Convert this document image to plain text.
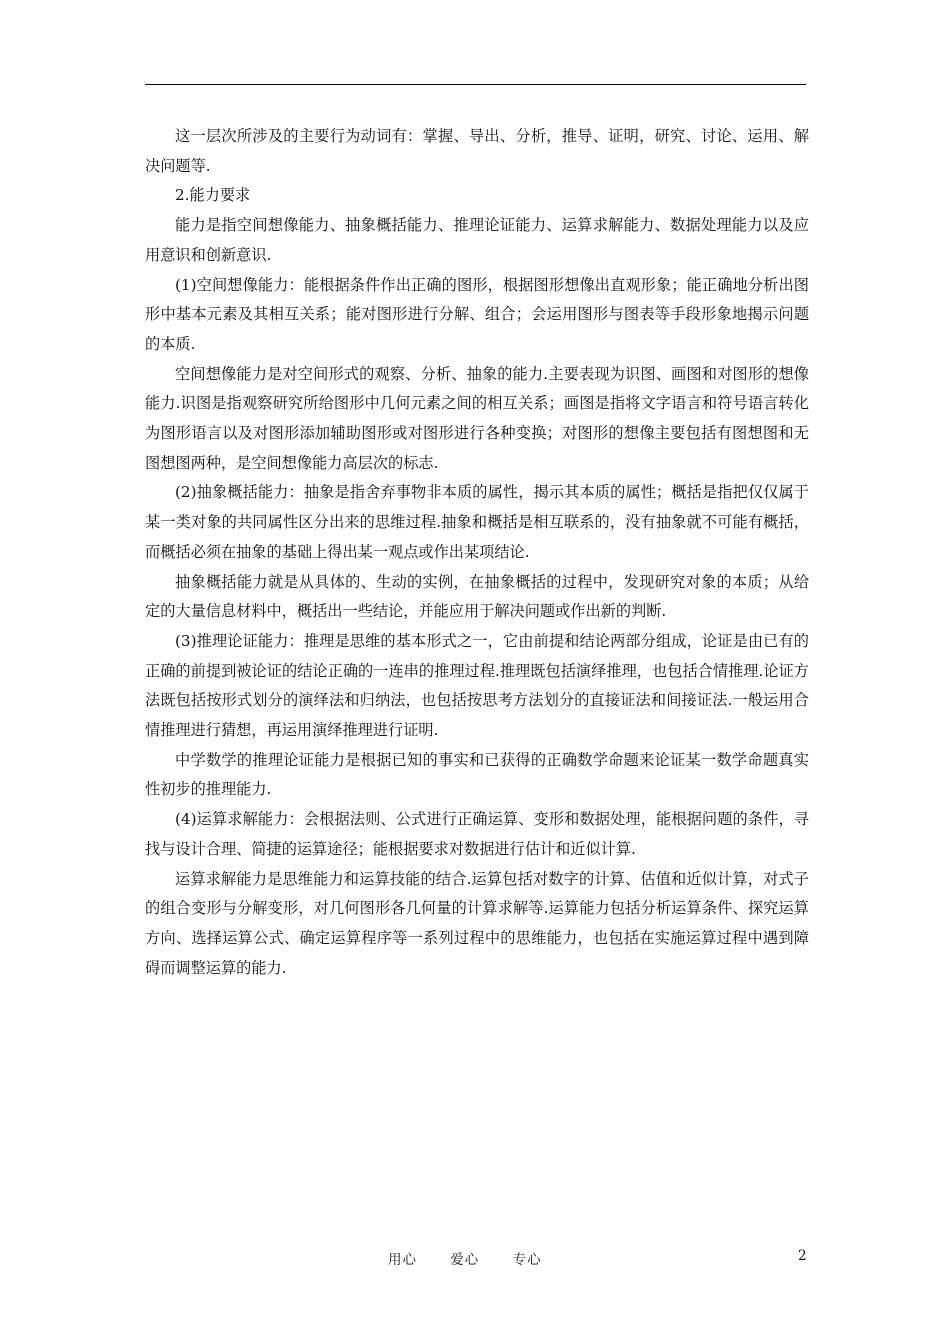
这一层次所涉及的主要行为动词有：掌握、导出、分析，推导、证明，研究、讨论、运用、解决问题等.

2.能力要求

能力是指空间想像能力、抽象概括能力、推理论证能力、运算求解能力、数据处理能力以及应用意识和创新意识.

(1)空间想像能力：能根据条件作出正确的图形，根据图形想像出直观形象；能正确地分析出图形中基本元素及其相互关系；能对图形进行分解、组合；会运用图形与图表等手段形象地揭示问题的本质.

空间想像能力是对空间形式的观察、分析、抽象的能力.主要表现为识图、画图和对图形的想像能力.识图是指观察研究所给图形中几何元素之间的相互关系；画图是指将文字语言和符号语言转化为图形语言以及对图形添加辅助图形或对图形进行各种变换；对图形的想像主要包括有图想图和无图想图两种，是空间想像能力高层次的标志.

(2)抽象概括能力：抽象是指舍弃事物非本质的属性，揭示其本质的属性；概括是指把仅仅属于某一类对象的共同属性区分出来的思维过程.抽象和概括是相互联系的，没有抽象就不可能有概括，而概括必须在抽象的基础上得出某一观点或作出某项结论.

抽象概括能力就是从具体的、生动的实例，在抽象概括的过程中，发现研究对象的本质；从给定的大量信息材料中，概括出一些结论，并能应用于解决问题或作出新的判断.

(3)推理论证能力：推理是思维的基本形式之一，它由前提和结论两部分组成，论证是由已有的正确的前提到被论证的结论正确的一连串的推理过程.推理既包括演绎推理，也包括合情推理.论证方法既包括按形式划分的演绎法和归纳法，也包括按思考方法划分的直接证法和间接证法.一般运用合情推理进行猜想，再运用演绎推理进行证明.

中学数学的推理论证能力是根据已知的事实和已获得的正确数学命题来论证某一数学命题真实性初步的推理能力.

(4)运算求解能力：会根据法则、公式进行正确运算、变形和数据处理，能根据问题的条件，寻找与设计合理、简捷的运算途径；能根据要求对数据进行估计和近似计算.

运算求解能力是思维能力和运算技能的结合.运算包括对数字的计算、估值和近似计算，对式子的组合变形与分解变形，对几何图形各几何量的计算求解等.运算能力包括分析运算条件、探究运算方向、选择运算公式、确定运算程序等一系列过程中的思维能力，也包括在实施运算过程中遇到障碍而调整运算的能力.

用心 爱心 专心	2
